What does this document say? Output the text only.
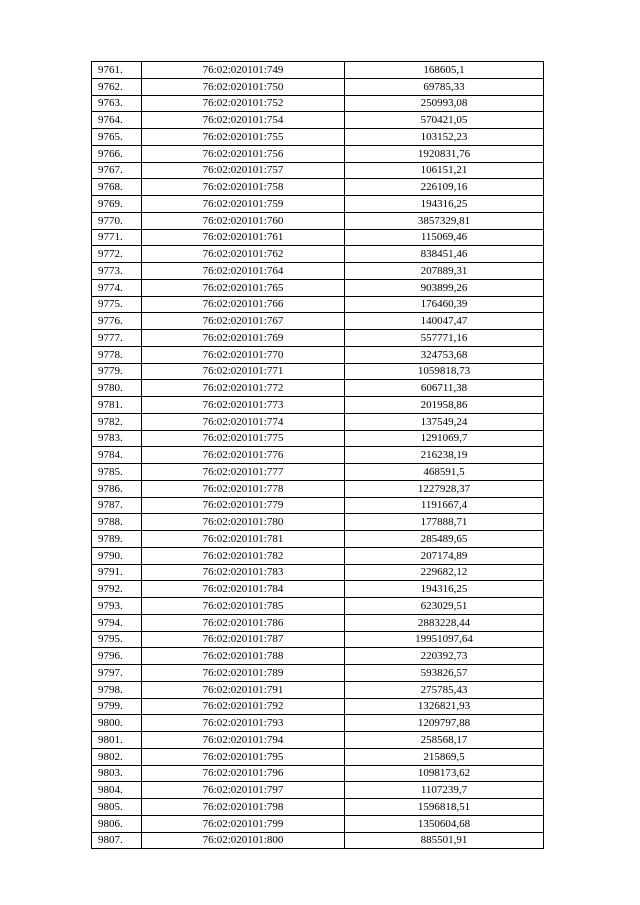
9761.	76:02:020101:749	168605,1
9762.	76:02:020101:750	69785,33
9763.	76:02:020101:752	250993,08
9764.	76:02:020101:754	570421,05
9765.	76:02:020101:755	103152,23
9766.	76:02:020101:756	1920831,76
9767.	76:02:020101:757	106151,21
9768.	76:02:020101:758	226109,16
9769.	76:02:020101:759	194316,25
9770.	76:02:020101:760	3857329,81
9771.	76:02:020101:761	115069,46
9772.	76:02:020101:762	838451,46
9773.	76:02:020101:764	207889,31
9774.	76:02:020101:765	903899,26
9775.	76:02:020101:766	176460,39
9776.	76:02:020101:767	140047,47
9777.	76:02:020101:769	557771,16
9778.	76:02:020101:770	324753,68
9779.	76:02:020101:771	1059818,73
9780.	76:02:020101:772	606711,38
9781.	76:02:020101:773	201958,86
9782.	76:02:020101:774	137549,24
9783.	76:02:020101:775	1291069,7
9784.	76:02:020101:776	216238,19
9785.	76:02:020101:777	468591,5
9786.	76:02:020101:778	1227928,37
9787.	76:02:020101:779	1191667,4
9788.	76:02:020101:780	177888,71
9789.	76:02:020101:781	285489,65
9790.	76:02:020101:782	207174,89
9791.	76:02:020101:783	229682,12
9792.	76:02:020101:784	194316,25
9793.	76:02:020101:785	623029,51
9794.	76:02:020101:786	2883228,44
9795.	76:02:020101:787	19951097,64
9796.	76:02:020101:788	220392,73
9797.	76:02:020101:789	593826,57
9798.	76:02:020101:791	275785,43
9799.	76:02:020101:792	1326821,93
9800.	76:02:020101:793	1209797,88
9801.	76:02:020101:794	258568,17
9802.	76:02:020101:795	215869,5
9803.	76:02:020101:796	1098173,62
9804.	76:02:020101:797	1107239,7
9805.	76:02:020101:798	1596818,51
9806.	76:02:020101:799	1350604,68
9807.	76:02:020101:800	885501,91
